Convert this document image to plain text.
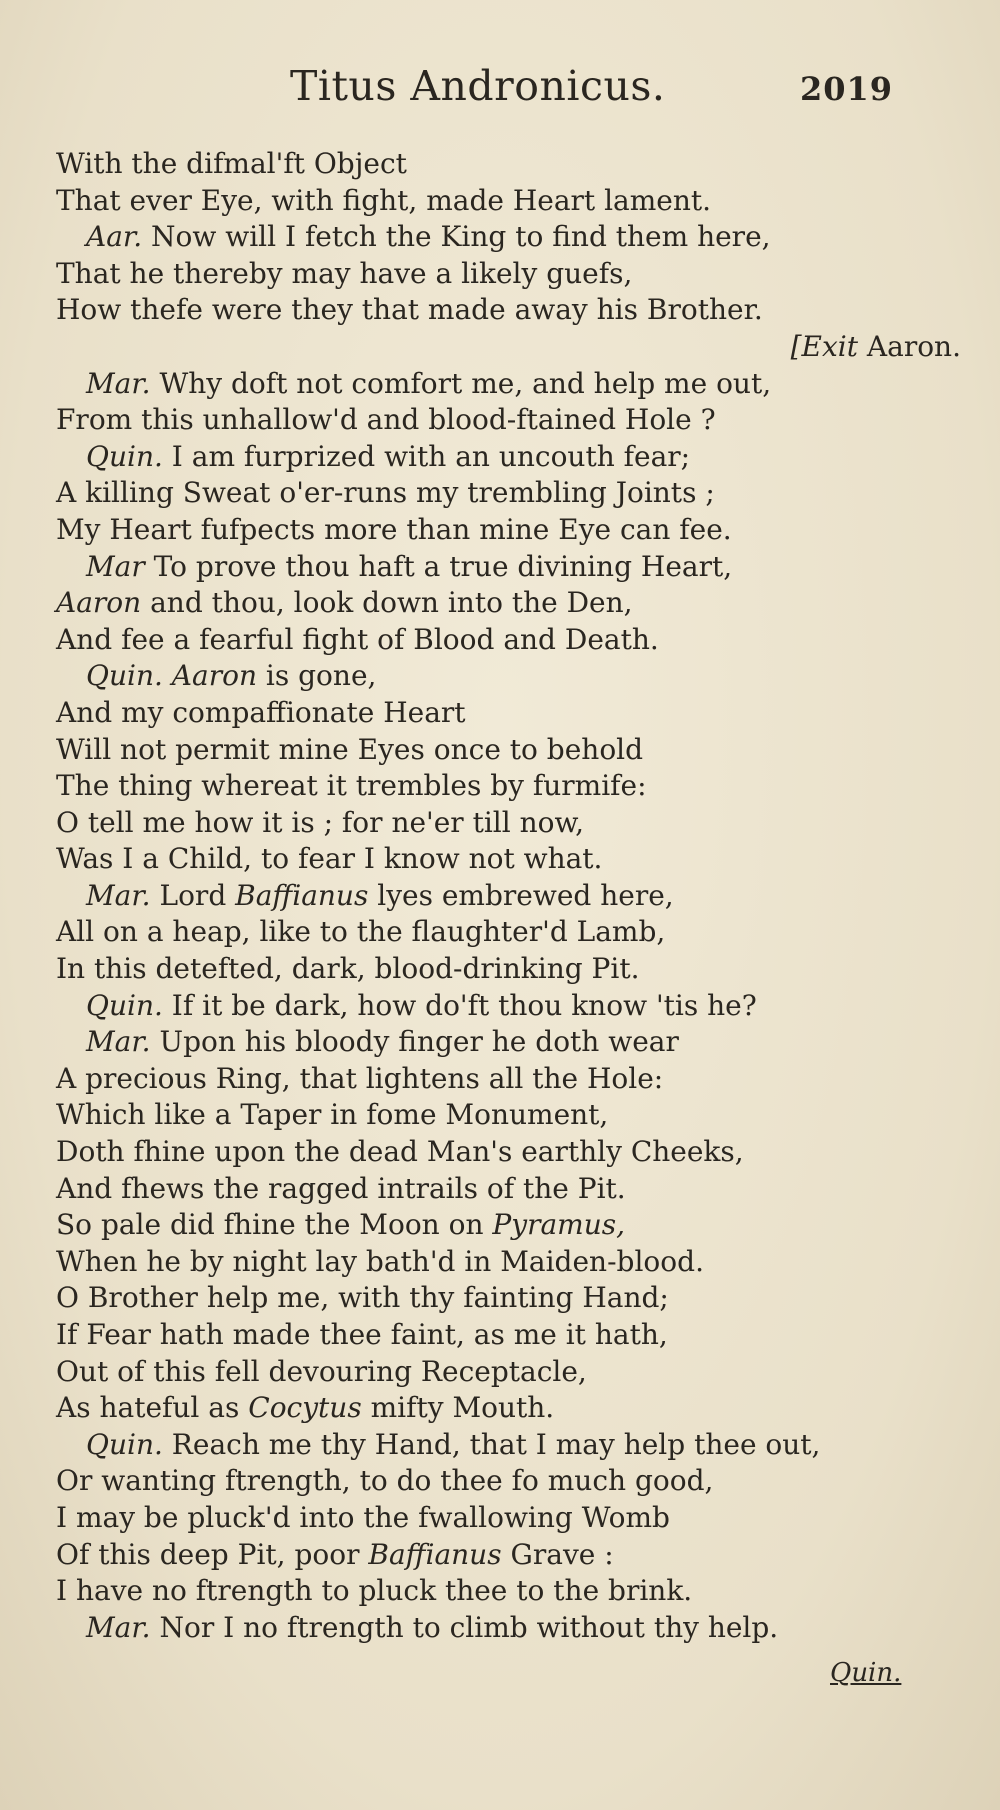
Titus Andronicus.	2019
With the difmal'ft Object
That ever Eye, with fight, made Heart lament.
Aar. Now will I fetch the King to find them here,
That he thereby may have a likely guefs,
How thefe were they that made away his Brother.
[Exit Aaron.
Mar. Why doft not comfort me, and help me out,
From this unhallow'd and blood-ftained Hole ?
Quin. I am furprized with an uncouth fear;
A killing Sweat o'er-runs my trembling Joints ;
My Heart fufpects more than mine Eye can fee.
Mar To prove thou haft a true divining Heart,
Aaron and thou, look down into the Den,
And fee a fearful fight of Blood and Death.
Quin. Aaron is gone,
And my compaffionate Heart
Will not permit mine Eyes once to behold
The thing whereat it trembles by furmife:
O tell me how it is ; for ne'er till now,
Was I a Child, to fear I know not what.
Mar. Lord Baffianus lyes embrewed here,
All on a heap, like to the flaughter'd Lamb,
In this detefted, dark, blood-drinking Pit.
Quin. If it be dark, how do'ft thou know 'tis he?
Mar. Upon his bloody finger he doth wear
A precious Ring, that lightens all the Hole:
Which like a Taper in fome Monument,
Doth fhine upon the dead Man's earthly Cheeks,
And fhews the ragged intrails of the Pit.
So pale did fhine the Moon on Pyramus,
When he by night lay bath'd in Maiden-blood.
O Brother help me, with thy fainting Hand;
If Fear hath made thee faint, as me it hath,
Out of this fell devouring Receptacle,
As hateful as Cocytus mifty Mouth.
Quin. Reach me thy Hand, that I may help thee out,
Or wanting ftrength, to do thee fo much good,
I may be pluck'd into the fwallowing Womb
Of this deep Pit, poor Baffianus Grave :
I have no ftrength to pluck thee to the brink.
Mar. Nor I no ftrength to climb without thy help.
Quin.
